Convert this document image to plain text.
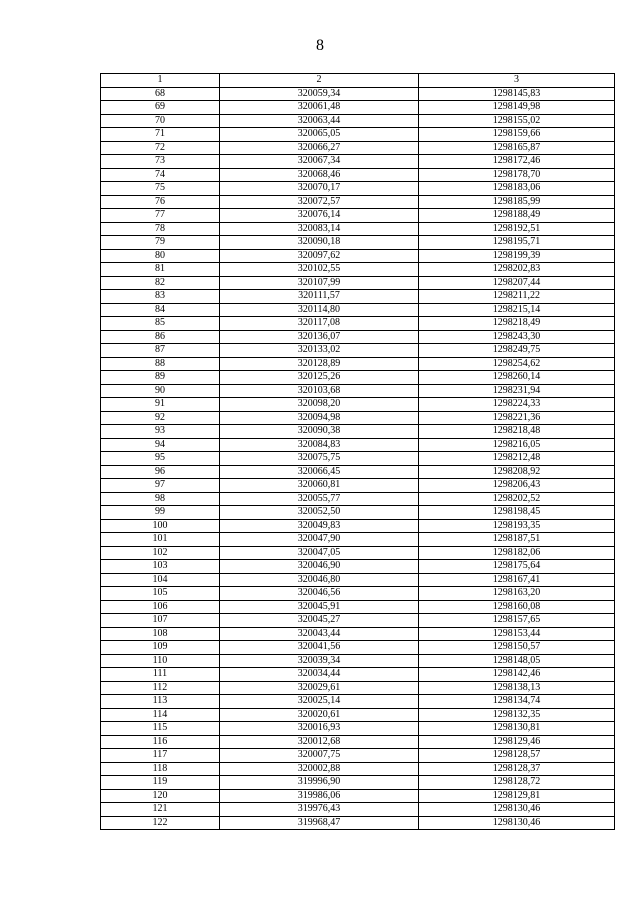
8
1	2	3
68	320059,34	1298145,83
69	320061,48	1298149,98
70	320063,44	1298155,02
71	320065,05	1298159,66
72	320066,27	1298165,87
73	320067,34	1298172,46
74	320068,46	1298178,70
75	320070,17	1298183,06
76	320072,57	1298185,99
77	320076,14	1298188,49
78	320083,14	1298192,51
79	320090,18	1298195,71
80	320097,62	1298199,39
81	320102,55	1298202,83
82	320107,99	1298207,44
83	320111,57	1298211,22
84	320114,80	1298215,14
85	320117,08	1298218,49
86	320136,07	1298243,30
87	320133,02	1298249,75
88	320128,89	1298254,62
89	320125,26	1298260,14
90	320103,68	1298231,94
91	320098,20	1298224,33
92	320094,98	1298221,36
93	320090,38	1298218,48
94	320084,83	1298216,05
95	320075,75	1298212,48
96	320066,45	1298208,92
97	320060,81	1298206,43
98	320055,77	1298202,52
99	320052,50	1298198,45
100	320049,83	1298193,35
101	320047,90	1298187,51
102	320047,05	1298182,06
103	320046,90	1298175,64
104	320046,80	1298167,41
105	320046,56	1298163,20
106	320045,91	1298160,08
107	320045,27	1298157,65
108	320043,44	1298153,44
109	320041,56	1298150,57
110	320039,34	1298148,05
111	320034,44	1298142,46
112	320029,61	1298138,13
113	320025,14	1298134,74
114	320020,61	1298132,35
115	320016,93	1298130,81
116	320012,68	1298129,46
117	320007,75	1298128,57
118	320002,88	1298128,37
119	319996,90	1298128,72
120	319986,06	1298129,81
121	319976,43	1298130,46
122	319968,47	1298130,46
